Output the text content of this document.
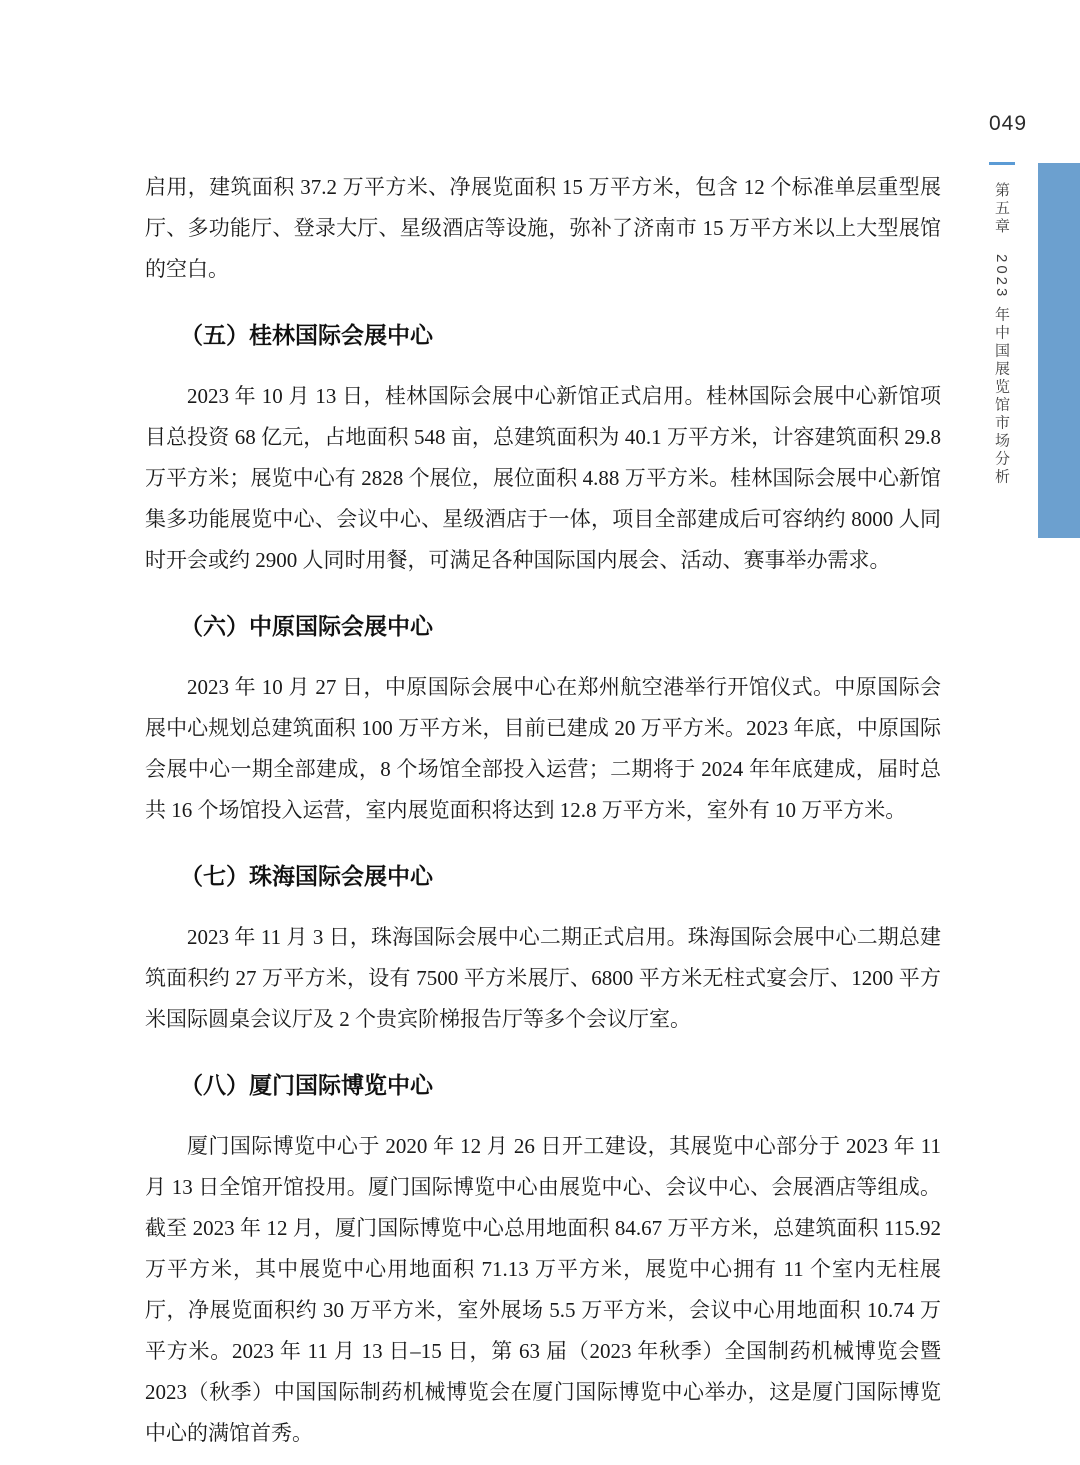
049
第五章　2023 年中国展览馆市场分析

启用，建筑面积 37.2 万平方米、净展览面积 15 万平方米，包含 12 个标准单层重型展厅、多功能厅、登录大厅、星级酒店等设施，弥补了济南市 15 万平方米以上大型展馆的空白。

（五）桂林国际会展中心

2023 年 10 月 13 日，桂林国际会展中心新馆正式启用。桂林国际会展中心新馆项目总投资 68 亿元，占地面积 548 亩，总建筑面积为 40.1 万平方米，计容建筑面积 29.8 万平方米；展览中心有 2828 个展位，展位面积 4.88 万平方米。桂林国际会展中心新馆集多功能展览中心、会议中心、星级酒店于一体，项目全部建成后可容纳约 8000 人同时开会或约 2900 人同时用餐，可满足各种国际国内展会、活动、赛事举办需求。

（六）中原国际会展中心

2023 年 10 月 27 日，中原国际会展中心在郑州航空港举行开馆仪式。中原国际会展中心规划总建筑面积 100 万平方米，目前已建成 20 万平方米。2023 年底，中原国际会展中心一期全部建成，8 个场馆全部投入运营；二期将于 2024 年年底建成，届时总共 16 个场馆投入运营，室内展览面积将达到 12.8 万平方米，室外有 10 万平方米。

（七）珠海国际会展中心

2023 年 11 月 3 日，珠海国际会展中心二期正式启用。珠海国际会展中心二期总建筑面积约 27 万平方米，设有 7500 平方米展厅、6800 平方米无柱式宴会厅、1200 平方米国际圆桌会议厅及 2 个贵宾阶梯报告厅等多个会议厅室。

（八）厦门国际博览中心

厦门国际博览中心于 2020 年 12 月 26 日开工建设，其展览中心部分于 2023 年 11 月 13 日全馆开馆投用。厦门国际博览中心由展览中心、会议中心、会展酒店等组成。截至 2023 年 12 月，厦门国际博览中心总用地面积 84.67 万平方米，总建筑面积 115.92 万平方米，其中展览中心用地面积 71.13 万平方米，展览中心拥有 11 个室内无柱展厅，净展览面积约 30 万平方米，室外展场 5.5 万平方米，会议中心用地面积 10.74 万平方米。2023 年 11 月 13 日–15 日，第 63 届（2023 年秋季）全国制药机械博览会暨 2023（秋季）中国国际制药机械博览会在厦门国际博览中心举办，这是厦门国际博览中心的满馆首秀。
